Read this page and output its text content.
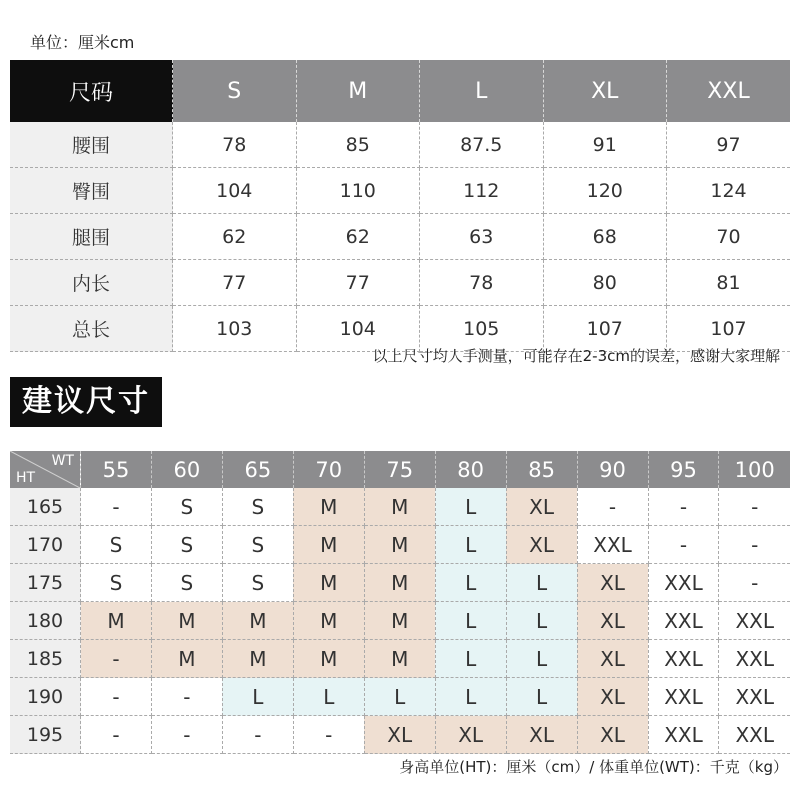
单位：厘米cm
尺码	S	M	L	XL	XXL
腰围	78	85	87.5	91	97
臀围	104	110	112	120	124
腿围	62	62	63	68	70
内长	77	77	78	80	81
总长	103	104	105	107	107
以上尺寸均人手测量，可能存在2-3cm的误差，感谢大家理解
建议尺寸
WT
HT	55	60	65	70	75	80	85	90	95	100
165	-	S	S	M	M	L	XL	-	-	-
170	S	S	S	M	M	L	XL	XXL	-	-
175	S	S	S	M	M	L	L	XL	XXL	-
180	M	M	M	M	M	L	L	XL	XXL	XXL
185	-	M	M	M	M	L	L	XL	XXL	XXL
190	-	-	L	L	L	L	L	XL	XXL	XXL
195	-	-	-	-	XL	XL	XL	XL	XXL	XXL
身高单位(HT)：厘米（cm）/ 体重单位(WT)：千克（kg）
